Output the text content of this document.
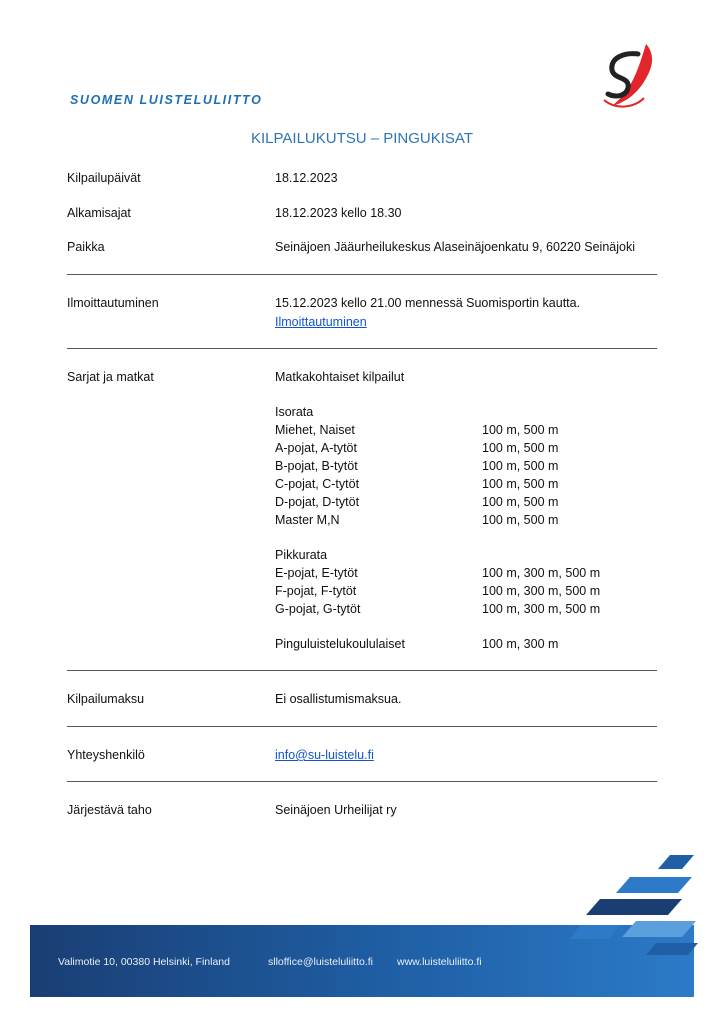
SUOMEN LUISTELULIITTO
KILPAILUKUTSU – PINGUKISAT
Kilpailupäivät	18.12.2023
Alkamisajat	18.12.2023 kello 18.30
Paikka	Seinäjoen Jääurheilukeskus Alaseinäjoenkatu 9, 60220 Seinäjoki
Ilmoittautuminen	15.12.2023 kello 21.00 mennessä Suomisportin kautta.
Ilmoittautuminen
Sarjat ja matkat	Matkakohtaiset kilpailut
Isorata
Miehet, Naiset	100 m, 500 m
A-pojat, A-tytöt	100 m, 500 m
B-pojat, B-tytöt	100 m, 500 m
C-pojat, C-tytöt	100 m, 500 m
D-pojat, D-tytöt	100 m, 500 m
Master M,N	100 m, 500 m
Pikkurata
E-pojat, E-tytöt	100 m, 300 m, 500 m
F-pojat, F-tytöt	100 m, 300 m, 500 m
G-pojat, G-tytöt	100 m, 300 m, 500 m
Pinguluistelukoululaiset	100 m, 300 m
Kilpailumaksu	Ei osallistumismaksua.
Yhteyshenkilö	info@su-luistelu.fi
Järjestävä taho	Seinäjoen Urheilijat ry
Valimotie 10, 00380 Helsinki, Finland	slloffice@luisteluliitto.fi www.luisteluliitto.fi
